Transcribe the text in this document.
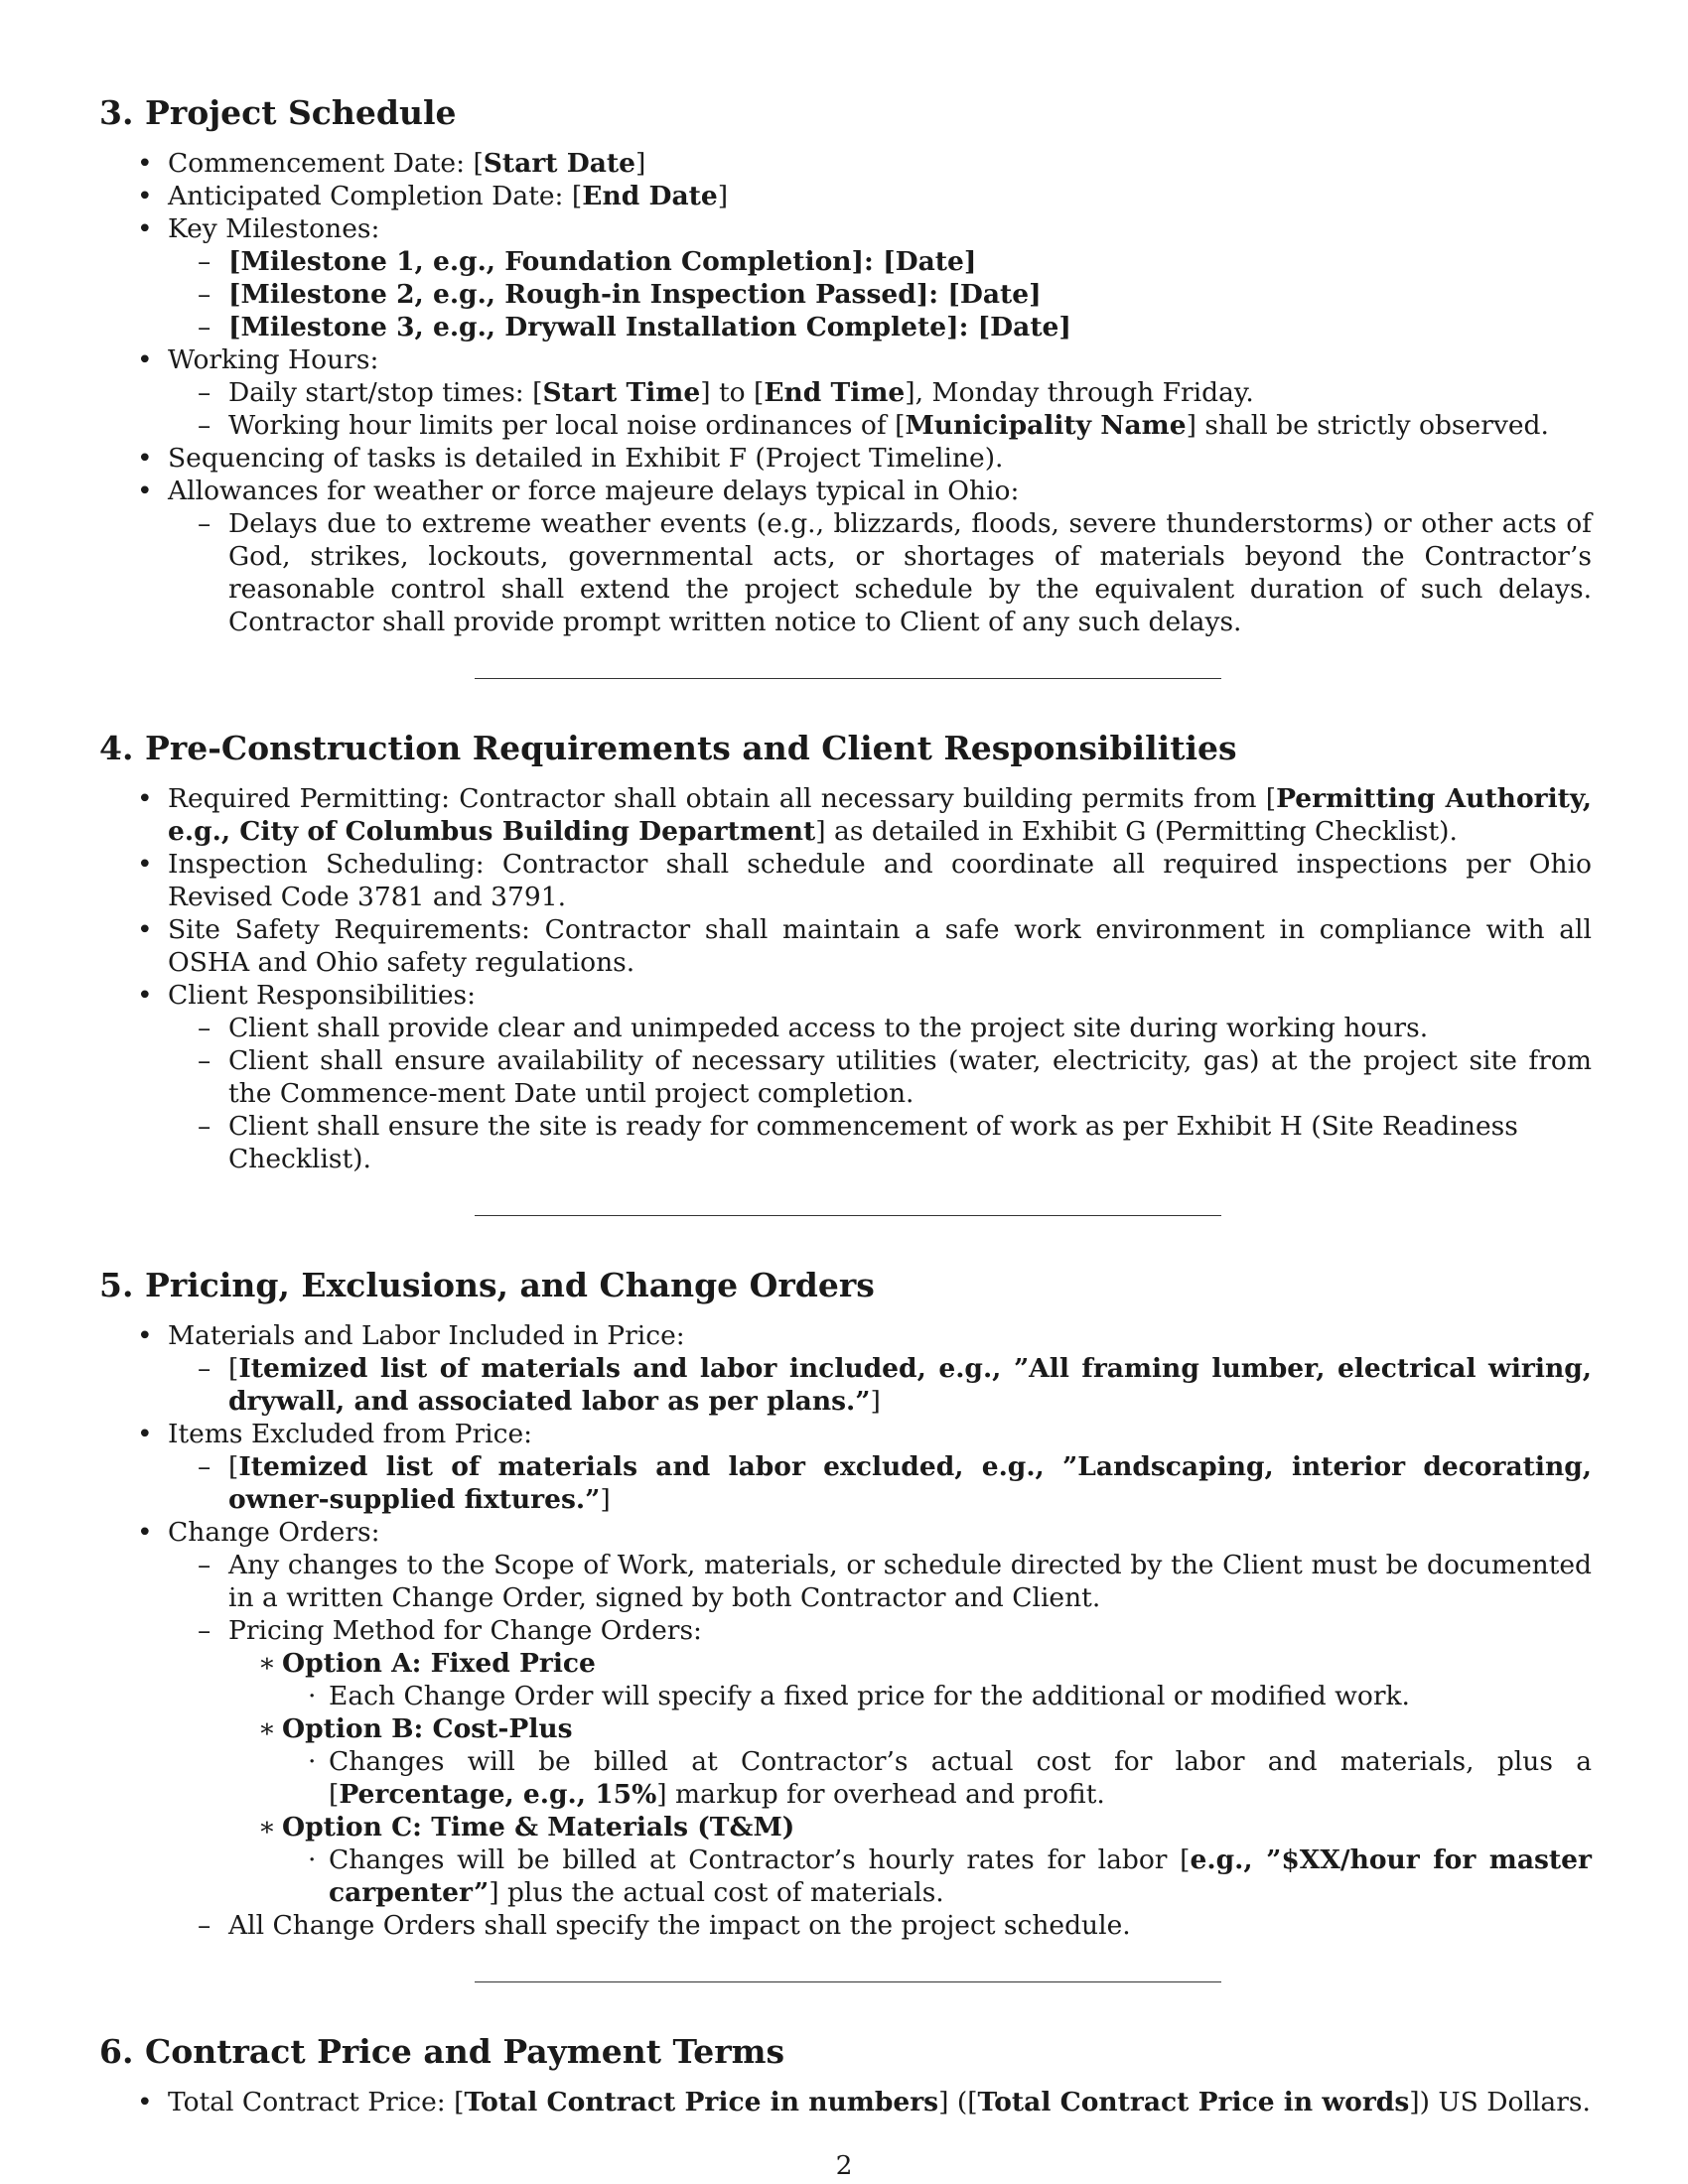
3. Project Schedule
• Commencement Date: [Start Date]
• Anticipated Completion Date: [End Date]
• Key Milestones:
– [Milestone 1, e.g., Foundation Completion]: [Date]
– [Milestone 2, e.g., Rough-in Inspection Passed]: [Date]
– [Milestone 3, e.g., Drywall Installation Complete]: [Date]
• Working Hours:
– Daily start/stop times: [Start Time] to [End Time], Monday through Friday.
– Working hour limits per local noise ordinances of [Municipality Name] shall be strictly observed.
• Sequencing of tasks is detailed in Exhibit F (Project Timeline).
• Allowances for weather or force majeure delays typical in Ohio:
– Delays due to extreme weather events (e.g., blizzards, floods, severe thunderstorms) or other acts of God, strikes, lockouts, governmental acts, or shortages of materials beyond the Contractor’s reasonable control shall extend the project schedule by the equivalent duration of such delays. Contractor shall provide prompt written notice to Client of any such delays.
4. Pre-Construction Requirements and Client Responsibilities
• Required Permitting: Contractor shall obtain all necessary building permits from [Permitting Authority, e.g., City of Columbus Building Department] as detailed in Exhibit G (Permitting Checklist).
• Inspection Scheduling: Contractor shall schedule and coordinate all required inspections per Ohio Revised Code 3781 and 3791.
• Site Safety Requirements: Contractor shall maintain a safe work environment in compliance with all OSHA and Ohio safety regulations.
• Client Responsibilities:
– Client shall provide clear and unimpeded access to the project site during working hours.
– Client shall ensure availability of necessary utilities (water, electricity, gas) at the project site from the Commence-ment Date until project completion.
– Client shall ensure the site is ready for commencement of work as per Exhibit H (Site Readiness Checklist).
5. Pricing, Exclusions, and Change Orders
• Materials and Labor Included in Price:
– [Itemized list of materials and labor included, e.g., ”All framing lumber, electrical wiring, drywall, and associated labor as per plans.”]
• Items Excluded from Price:
– [Itemized list of materials and labor excluded, e.g., ”Landscaping, interior decorating, owner-supplied fixtures.”]
• Change Orders:
– Any changes to the Scope of Work, materials, or schedule directed by the Client must be documented in a written Change Order, signed by both Contractor and Client.
– Pricing Method for Change Orders:
∗ Option A: Fixed Price
· Each Change Order will specify a fixed price for the additional or modified work.
∗ Option B: Cost-Plus
· Changes will be billed at Contractor’s actual cost for labor and materials, plus a [Percentage, e.g., 15%] markup for overhead and profit.
∗ Option C: Time & Materials (T&M)
· Changes will be billed at Contractor’s hourly rates for labor [e.g., ”$XX/hour for master carpenter”] plus the actual cost of materials.
– All Change Orders shall specify the impact on the project schedule.
6. Contract Price and Payment Terms
• Total Contract Price: [Total Contract Price in numbers] ([Total Contract Price in words]) US Dollars.
2
